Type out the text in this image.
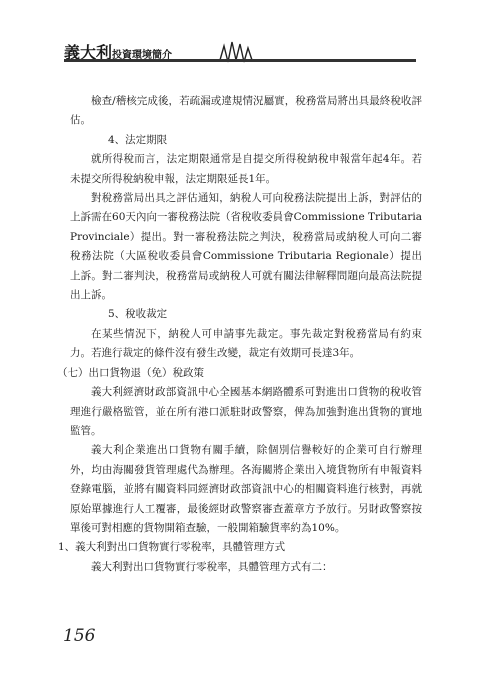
義大利投資環境簡介

檢查/稽核完成後，若疏漏或違規情況屬實，稅務當局將出具最終稅收評估。

4、法定期限

就所得稅而言，法定期限通常是自提交所得稅納稅申報當年起4年。若未提交所得稅納稅申報，法定期限延長1年。

對稅務當局出具之評估通知，納稅人可向稅務法院提出上訴，對評估的上訴需在60天內向一審稅務法院（省稅收委員會Commissione Tributaria Provinciale）提出。對一審稅務法院之判決，稅務當局或納稅人可向二審稅務法院（大區稅收委員會Commissione Tributaria Regionale）提出上訴。對二審判決，稅務當局或納稅人可就有關法律解釋問題向最高法院提出上訴。

5、稅收裁定

在某些情況下，納稅人可申請事先裁定。事先裁定對稅務當局有約束力。若進行裁定的條件沒有發生改變，裁定有效期可長達3年。

（七）出口貨物退（免）稅政策

義大利經濟財政部資訊中心全國基本網路體系可對進出口貨物的稅收管理進行嚴格監管，並在所有港口派駐財政警察，俾為加強對進出貨物的實地監管。

義大利企業進出口貨物有關手續，除個別信譽較好的企業可自行辦理外，均由海關發貨管理處代為辦理。各海關將企業出入境貨物所有申報資料登錄電腦，並將有關資料同經濟財政部資訊中心的相關資料進行核對，再就原始單據進行人工覆審，最後經財政警察審查蓋章方予放行。另財政警察按單後可對相應的貨物開箱查驗，一般開箱驗貨率約為10%。

1、義大利對出口貨物實行零稅率，具體管理方式

義大利對出口貨物實行零稅率，具體管理方式有二：

156
